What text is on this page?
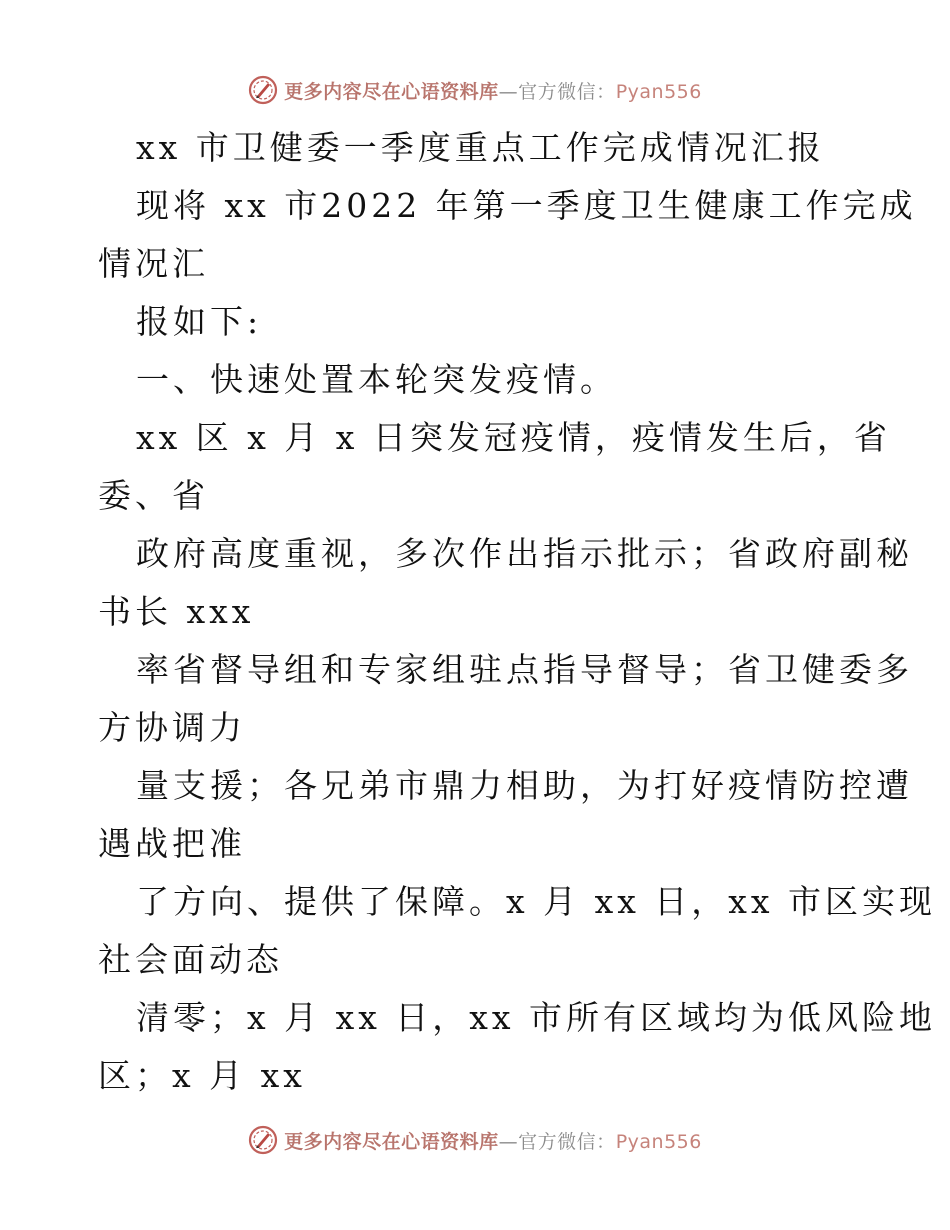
更多内容尽在心语资料库—官方微信：Pyan556
xx 市卫健委一季度重点工作完成情况汇报
现将 xx 市2022 年第一季度卫生健康工作完成
情况汇
报如下:
一、快速处置本轮突发疫情。
xx 区 x 月 x 日突发冠疫情，疫情发生后，省
委、省
政府高度重视，多次作出指示批示；省政府副秘
书长 xxx
率省督导组和专家组驻点指导督导；省卫健委多
方协调力
量支援；各兄弟市鼎力相助，为打好疫情防控遭
遇战把准
了方向、提供了保障。x 月 xx 日，xx 市区实现
社会面动态
清零；x 月 xx 日，xx 市所有区域均为低风险地
区；x 月 xx
更多内容尽在心语资料库—官方微信：Pyan556
